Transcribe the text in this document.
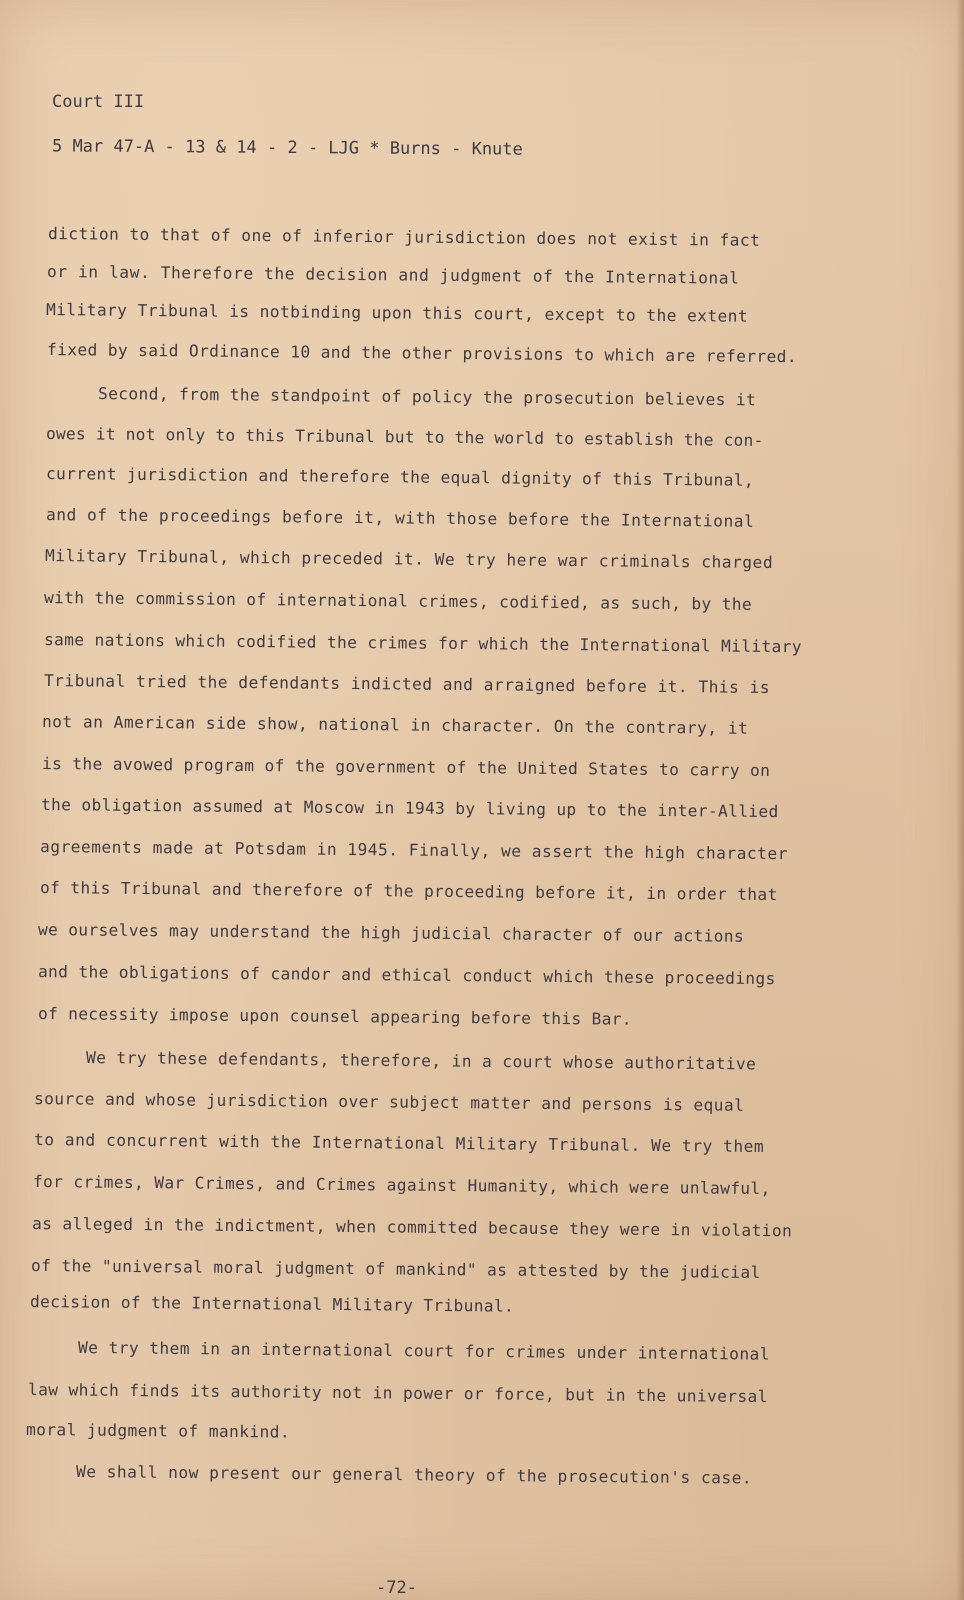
Court III
5 Mar 47-A - 13 & 14 - 2 - LJG * Burns - Knute
diction to that of one of inferior jurisdiction does not exist in fact
or in law. Therefore the decision and judgment of the International
Military Tribunal is notbinding upon this court, except to the extent
fixed by said Ordinance 10 and the other provisions to which are referred.
Second, from the standpoint of policy the prosecution believes it
owes it not only to this Tribunal but to the world to establish the con-
current jurisdiction and therefore the equal dignity of this Tribunal,
and of the proceedings before it, with those before the International
Military Tribunal, which preceded it. We try here war criminals charged
with the commission of international crimes, codified, as such, by the
same nations which codified the crimes for which the International Military
Tribunal tried the defendants indicted and arraigned before it. This is
not an American side show, national in character. On the contrary, it
is the avowed program of the government of the United States to carry on
the obligation assumed at Moscow in 1943 by living up to the inter-Allied
agreements made at Potsdam in 1945. Finally, we assert the high character
of this Tribunal and therefore of the proceeding before it, in order that
we ourselves may understand the high judicial character of our actions
and the obligations of candor and ethical conduct which these proceedings
of necessity impose upon counsel appearing before this Bar.
We try these defendants, therefore, in a court whose authoritative
source and whose jurisdiction over subject matter and persons is equal
to and concurrent with the International Military Tribunal. We try them
for crimes, War Crimes, and Crimes against Humanity, which were unlawful,
as alleged in the indictment, when committed because they were in violation
of the "universal moral judgment of mankind" as attested by the judicial
decision of the International Military Tribunal.
We try them in an international court for crimes under international
law which finds its authority not in power or force, but in the universal
moral judgment of mankind.
We shall now present our general theory of the prosecution's case.
-72-
